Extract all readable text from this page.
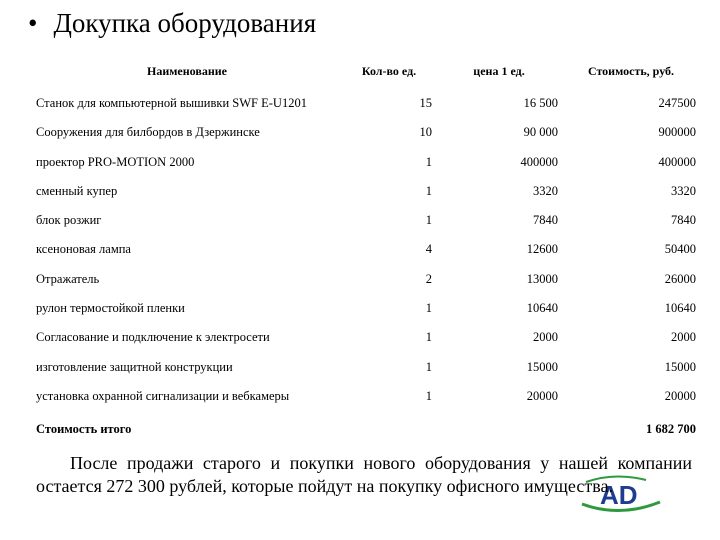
• Докупка оборудования
Наименование	Кол-во ед.	цена 1 ед.	Стоимость, руб.
Станок для компьютерной вышивки SWF E-U1201	15	16 500	247500
Сооружения для билбордов в Дзержинске	10	90 000	900000
проектор PRO-MOTION 2000	1	400000	400000
сменный купер	1	3320	3320
блок розжиг	1	7840	7840
ксеноновая лампа	4	12600	50400
Отражатель	2	13000	26000
рулон термостойкой пленки	1	10640	10640
Согласование и подключение к электросети	1	2000	2000
изготовление защитной конструкции	1	15000	15000
установка охранной сигнализации и вебкамеры	1	20000	20000
Стоимость итого			1 682 700
AD
После продажи старого и покупки нового оборудования у нашей компании остается 272 300 рублей, которые пойдут на покупку офисного имущества.
